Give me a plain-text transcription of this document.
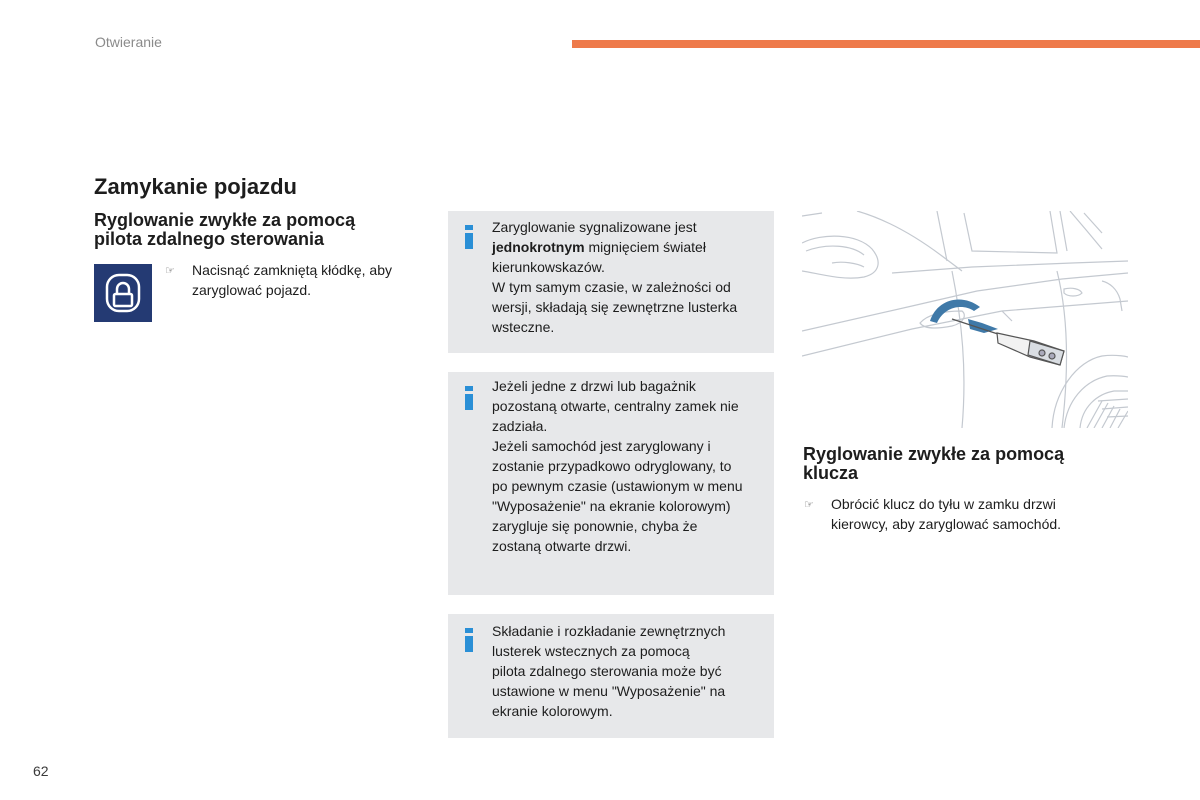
Otwieranie
Zamykanie pojazdu
Ryglowanie zwykłe za pomocą
pilota zdalnego sterowania
☞ Nacisnąć zamkniętą kłódkę, aby
zaryglować pojazd.
Zaryglowanie sygnalizowane jest
jednokrotnym mignięciem świateł
kierunkowskazów.
W tym samym czasie, w zależności od
wersji, składają się zewnętrzne lusterka
wsteczne.
Jeżeli jedne z drzwi lub bagażnik
pozostaną otwarte, centralny zamek nie
zadziała.
Jeżeli samochód jest zaryglowany i
zostanie przypadkowo odryglowany, to
po pewnym czasie (ustawionym w menu
"Wyposażenie" na ekranie kolorowym)
zarygluje się ponownie, chyba że
zostaną otwarte drzwi.
Składanie i rozkładanie zewnętrznych
lusterek wstecznych za pomocą
pilota zdalnego sterowania może być
ustawione w menu "Wyposażenie" na
ekranie kolorowym.
Ryglowanie zwykłe za pomocą
klucza
☞ Obrócić klucz do tyłu w zamku drzwi
kierowcy, aby zaryglować samochód.
62
